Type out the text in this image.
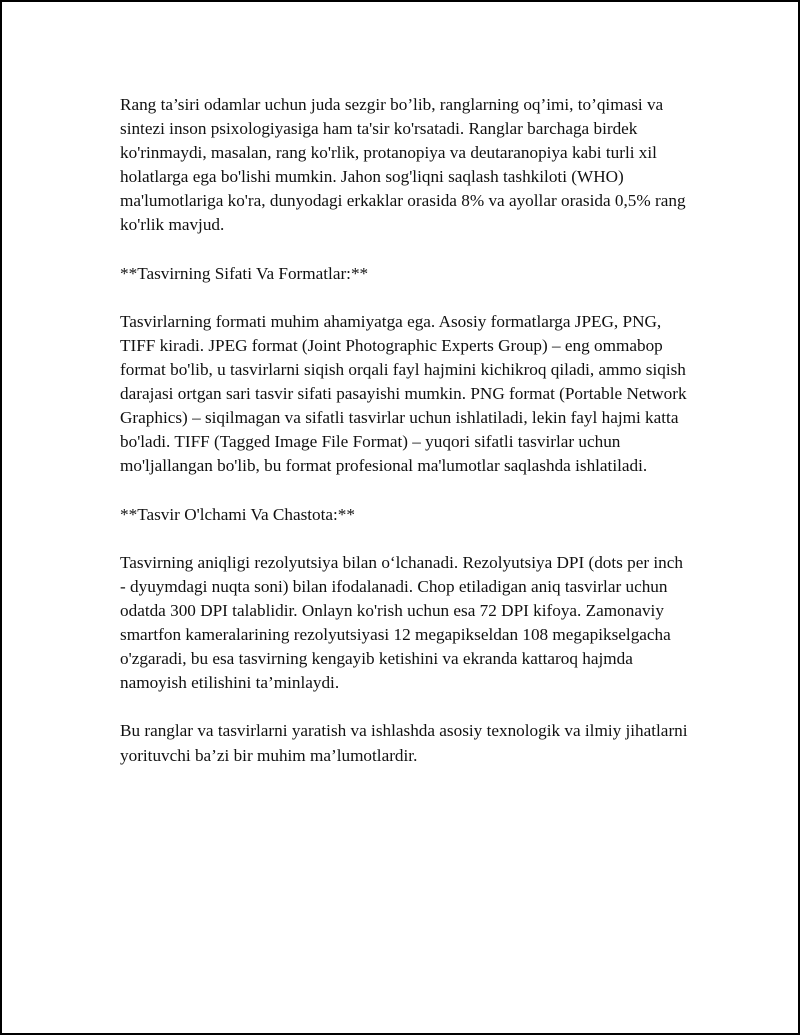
Rang ta’siri odamlar uchun juda sezgir bo’lib, ranglarning oq’imi, to’qimasi va sintezi inson psixologiyasiga ham ta'sir ko'rsatadi. Ranglar barchaga birdek ko'rinmaydi, masalan, rang ko'rlik, protanopiya va deutaranopiya kabi turli xil holatlarga ega bo'lishi mumkin. Jahon sog'liqni saqlash tashkiloti (WHO) ma'lumotlariga ko'ra, dunyodagi erkaklar orasida 8% va ayollar orasida 0,5% rang ko'rlik mavjud.

**Tasvirning Sifati Va Formatlar:**

Tasvirlarning formati muhim ahamiyatga ega. Asosiy formatlarga JPEG, PNG, TIFF kiradi. JPEG format (Joint Photographic Experts Group) – eng ommabop format bo'lib, u tasvirlarni siqish orqali fayl hajmini kichikroq qiladi, ammo siqish darajasi ortgan sari tasvir sifati pasayishi mumkin. PNG format (Portable Network Graphics) – siqilmagan va sifatli tasvirlar uchun ishlatiladi, lekin fayl hajmi katta bo'ladi. TIFF (Tagged Image File Format) – yuqori sifatli tasvirlar uchun mo'ljallangan bo'lib, bu format profesional ma'lumotlar saqlashda ishlatiladi.

**Tasvir O'lchami Va Chastota:**

Tasvirning aniqligi rezolyutsiya bilan o‘lchanadi. Rezolyutsiya DPI (dots per inch - dyuymdagi nuqta soni) bilan ifodalanadi. Chop etiladigan aniq tasvirlar uchun odatda 300 DPI talablidir. Onlayn ko'rish uchun esa 72 DPI kifoya. Zamonaviy smartfon kameralarining rezolyutsiyasi 12 megapikseldan 108 megapikselgacha o'zgaradi, bu esa tasvirning kengayib ketishini va ekranda kattaroq hajmda namoyish etilishini ta’minlaydi.

Bu ranglar va tasvirlarni yaratish va ishlashda asosiy texnologik va ilmiy jihatlarni yorituvchi ba’zi bir muhim ma’lumotlardir.
